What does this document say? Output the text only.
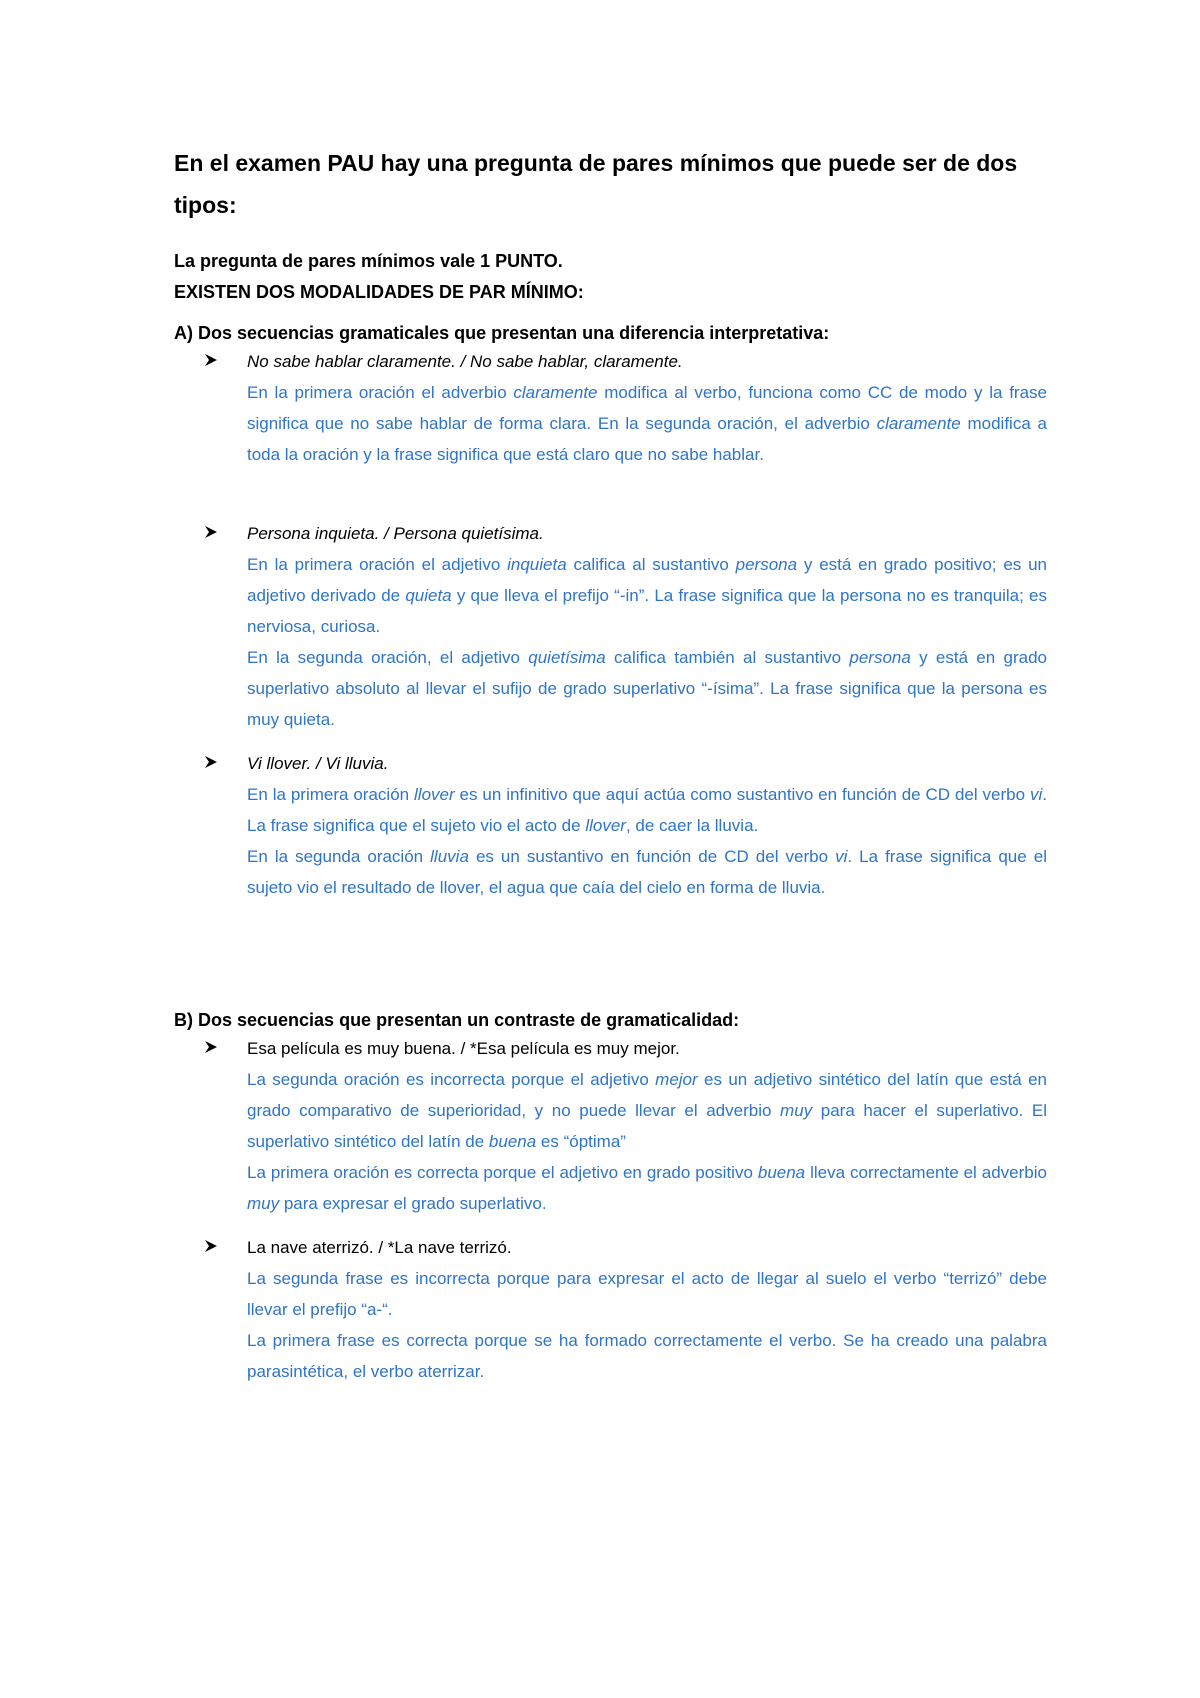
En el examen PAU hay una pregunta de pares mínimos que puede ser de dos tipos:
La pregunta de pares mínimos vale 1 PUNTO.
EXISTEN DOS MODALIDADES DE PAR MÍNIMO:
A) Dos secuencias gramaticales que presentan una diferencia interpretativa:

No sabe hablar claramente. / No sabe hablar, claramente.

En la primera oración el adverbio claramente modifica al verbo, funciona como CC de modo y la frase significa que no sabe hablar de forma clara. En la segunda oración, el adverbio claramente modifica a toda la oración y la frase significa que está claro que no sabe hablar.

Persona inquieta. / Persona quietísima.

En la primera oración el adjetivo inquieta califica al sustantivo persona y está en grado positivo; es un adjetivo derivado de quieta y que lleva el prefijo “-in”. La frase significa que la persona no es tranquila; es nerviosa, curiosa.

En la segunda oración, el adjetivo quietísima califica también al sustantivo persona y está en grado superlativo absoluto al llevar el sufijo de grado superlativo “-ísima”. La frase significa que la persona es muy quieta.

Vi llover. / Vi lluvia.

En la primera oración llover es un infinitivo que aquí actúa como sustantivo en función de CD del verbo vi. La frase significa que el sujeto vio el acto de llover, de caer la lluvia.

En la segunda oración lluvia es un sustantivo en función de CD del verbo vi. La frase significa que el sujeto vio el resultado de llover, el agua que caía del cielo en forma de lluvia.

B) Dos secuencias que presentan un contraste de gramaticalidad:

Esa película es muy buena. / *Esa película es muy mejor.

La segunda oración es incorrecta porque el adjetivo mejor es un adjetivo sintético del latín que está en grado comparativo de superioridad, y no puede llevar el adverbio muy para hacer el superlativo. El superlativo sintético del latín de buena es “óptima”

La primera oración es correcta porque el adjetivo en grado positivo buena lleva correctamente el adverbio muy para expresar el grado superlativo.

La nave aterrizó. / *La nave terrizó.

La segunda frase es incorrecta porque para expresar el acto de llegar al suelo el verbo “terrizó” debe llevar el prefijo “a-“.

La primera frase es correcta porque se ha formado correctamente el verbo. Se ha creado una palabra parasintética, el verbo aterrizar.
